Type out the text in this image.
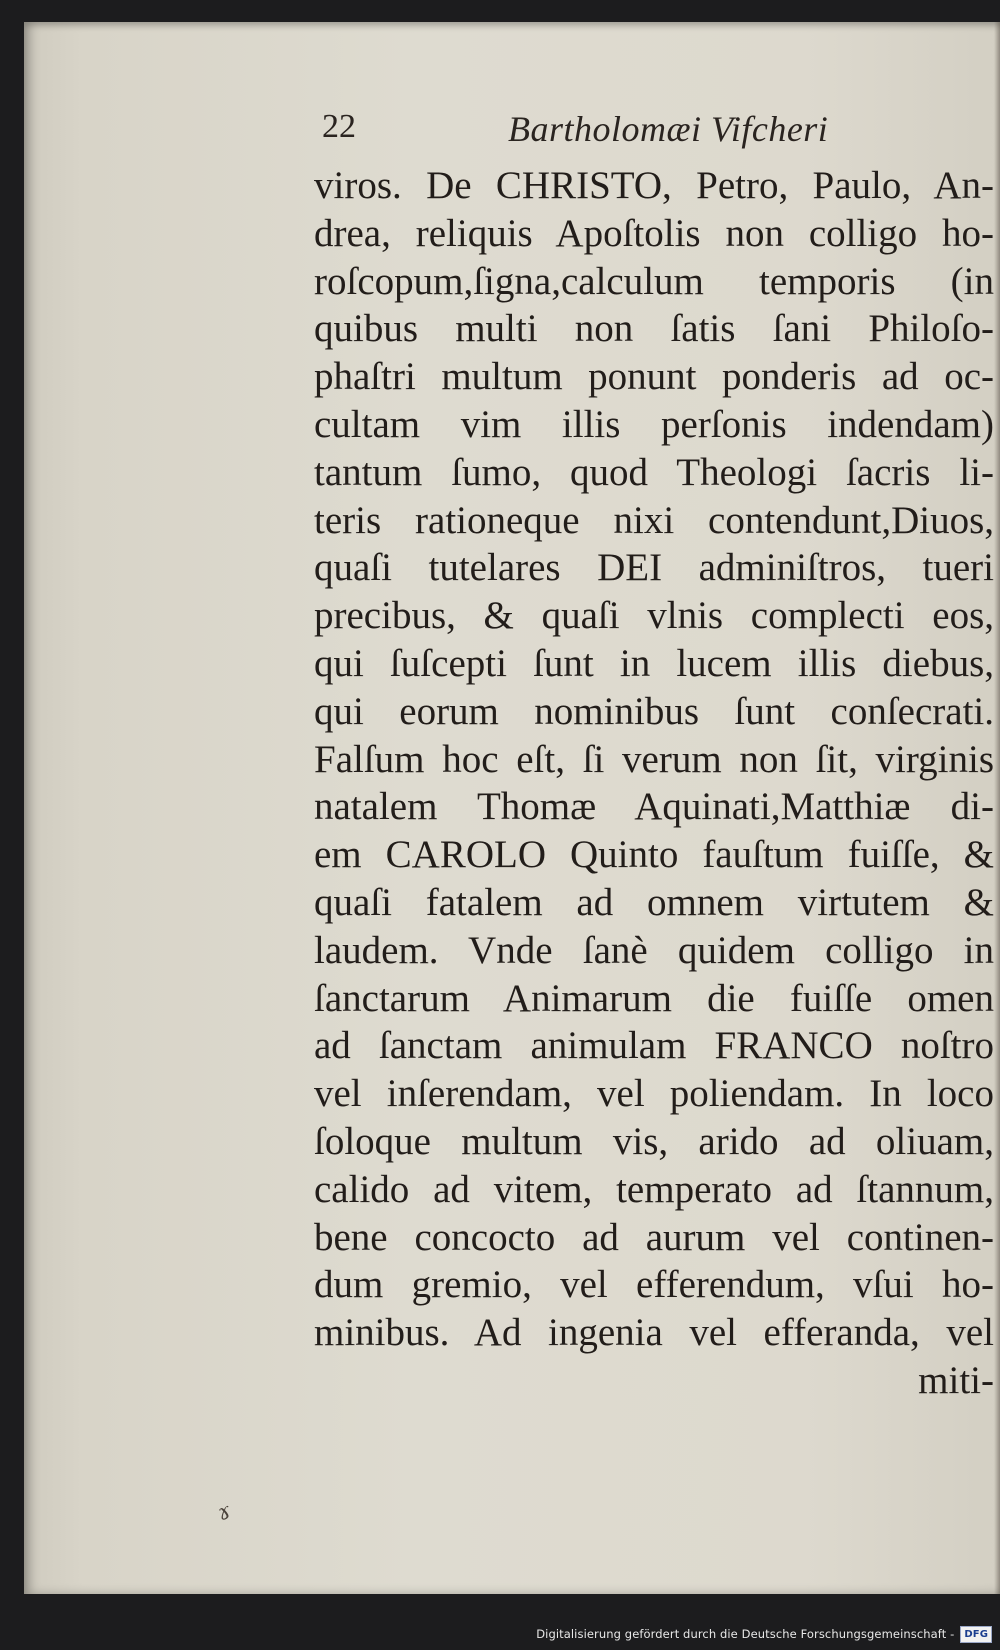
22	Bartholomæi Vifcheri
viros. De CHRISTO, Petro, Paulo, An-
drea, reliquis Apoſtolis non colligo ho-
roſcopum,ſigna,calculum temporis (in
quibus multi non ſatis ſani Philoſo-
phaſtri multum ponunt ponderis ad oc-
cultam vim illis perſonis indendam)
tantum ſumo, quod Theologi ſacris li-
teris rationeque nixi contendunt,Diuos,
quaſi tutelares DEI adminiſtros, tueri
precibus, & quaſi vlnis complecti eos,
qui ſuſcepti ſunt in lucem illis diebus,
qui eorum nominibus ſunt conſecrati.
Falſum hoc eſt, ſi verum non ſit, virginis
natalem Thomæ Aquinati,Matthiæ di-
em CAROLO Quinto fauſtum fuiſſe, &
quaſi fatalem ad omnem virtutem &
laudem. Vnde ſanè quidem colligo in
ſanctarum Animarum die fuiſſe omen
ad ſanctam animulam FRANCO noſtro
vel inſerendam, vel poliendam. In loco
ſoloque multum vis, arido ad oliuam,
calido ad vitem, temperato ad ſtannum,
bene concocto ad aurum vel continen-
dum gremio, vel efferendum, vſui ho-
minibus. Ad ingenia vel efferanda, vel
miti-
ɤ
Digitalisierung gefördert durch die Deutsche Forschungsgemeinschaft -	DFG
